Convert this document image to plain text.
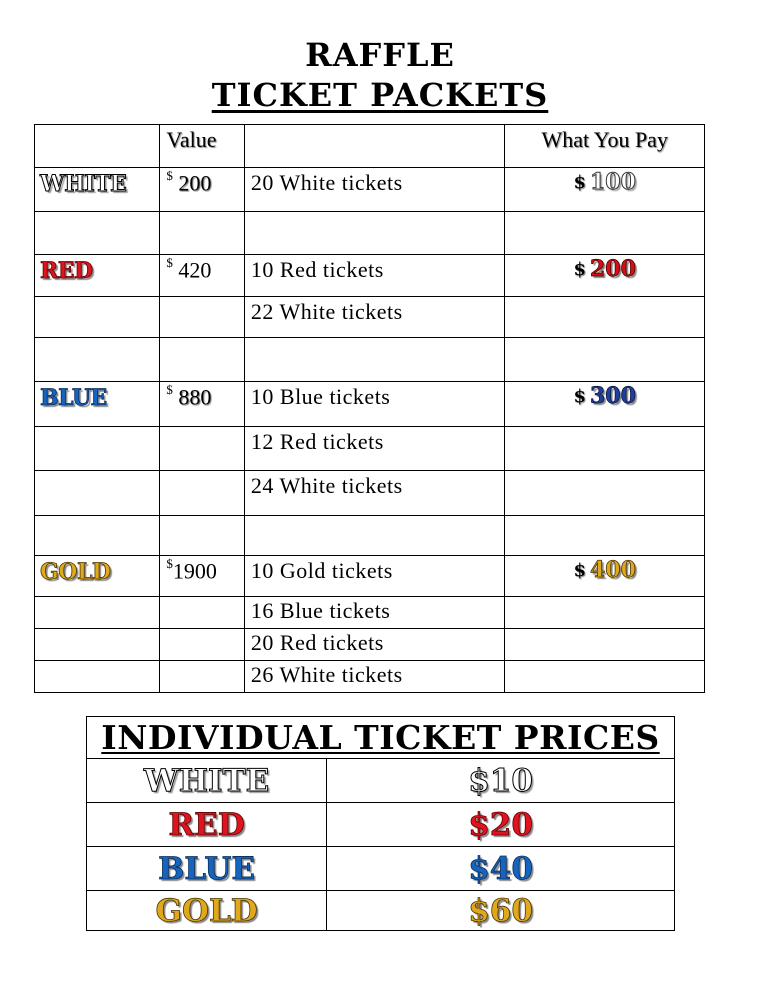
RAFFLE
TICKET PACKETS
	Value		What You Pay
WHITE	$ 200	20 White tickets	$ 100

RED	$ 420	10 Red tickets	$ 200
		22 White tickets	

BLUE	$ 880	10 Blue tickets	$ 300
		12 Red tickets	
		24 White tickets	

GOLD	$1900	10 Gold tickets	$ 400
		16 Blue tickets	
		20 Red tickets	
		26 White tickets	
INDIVIDUAL TICKET PRICES	
WHITE	$10
RED	$20
BLUE	$40
GOLD	$60
